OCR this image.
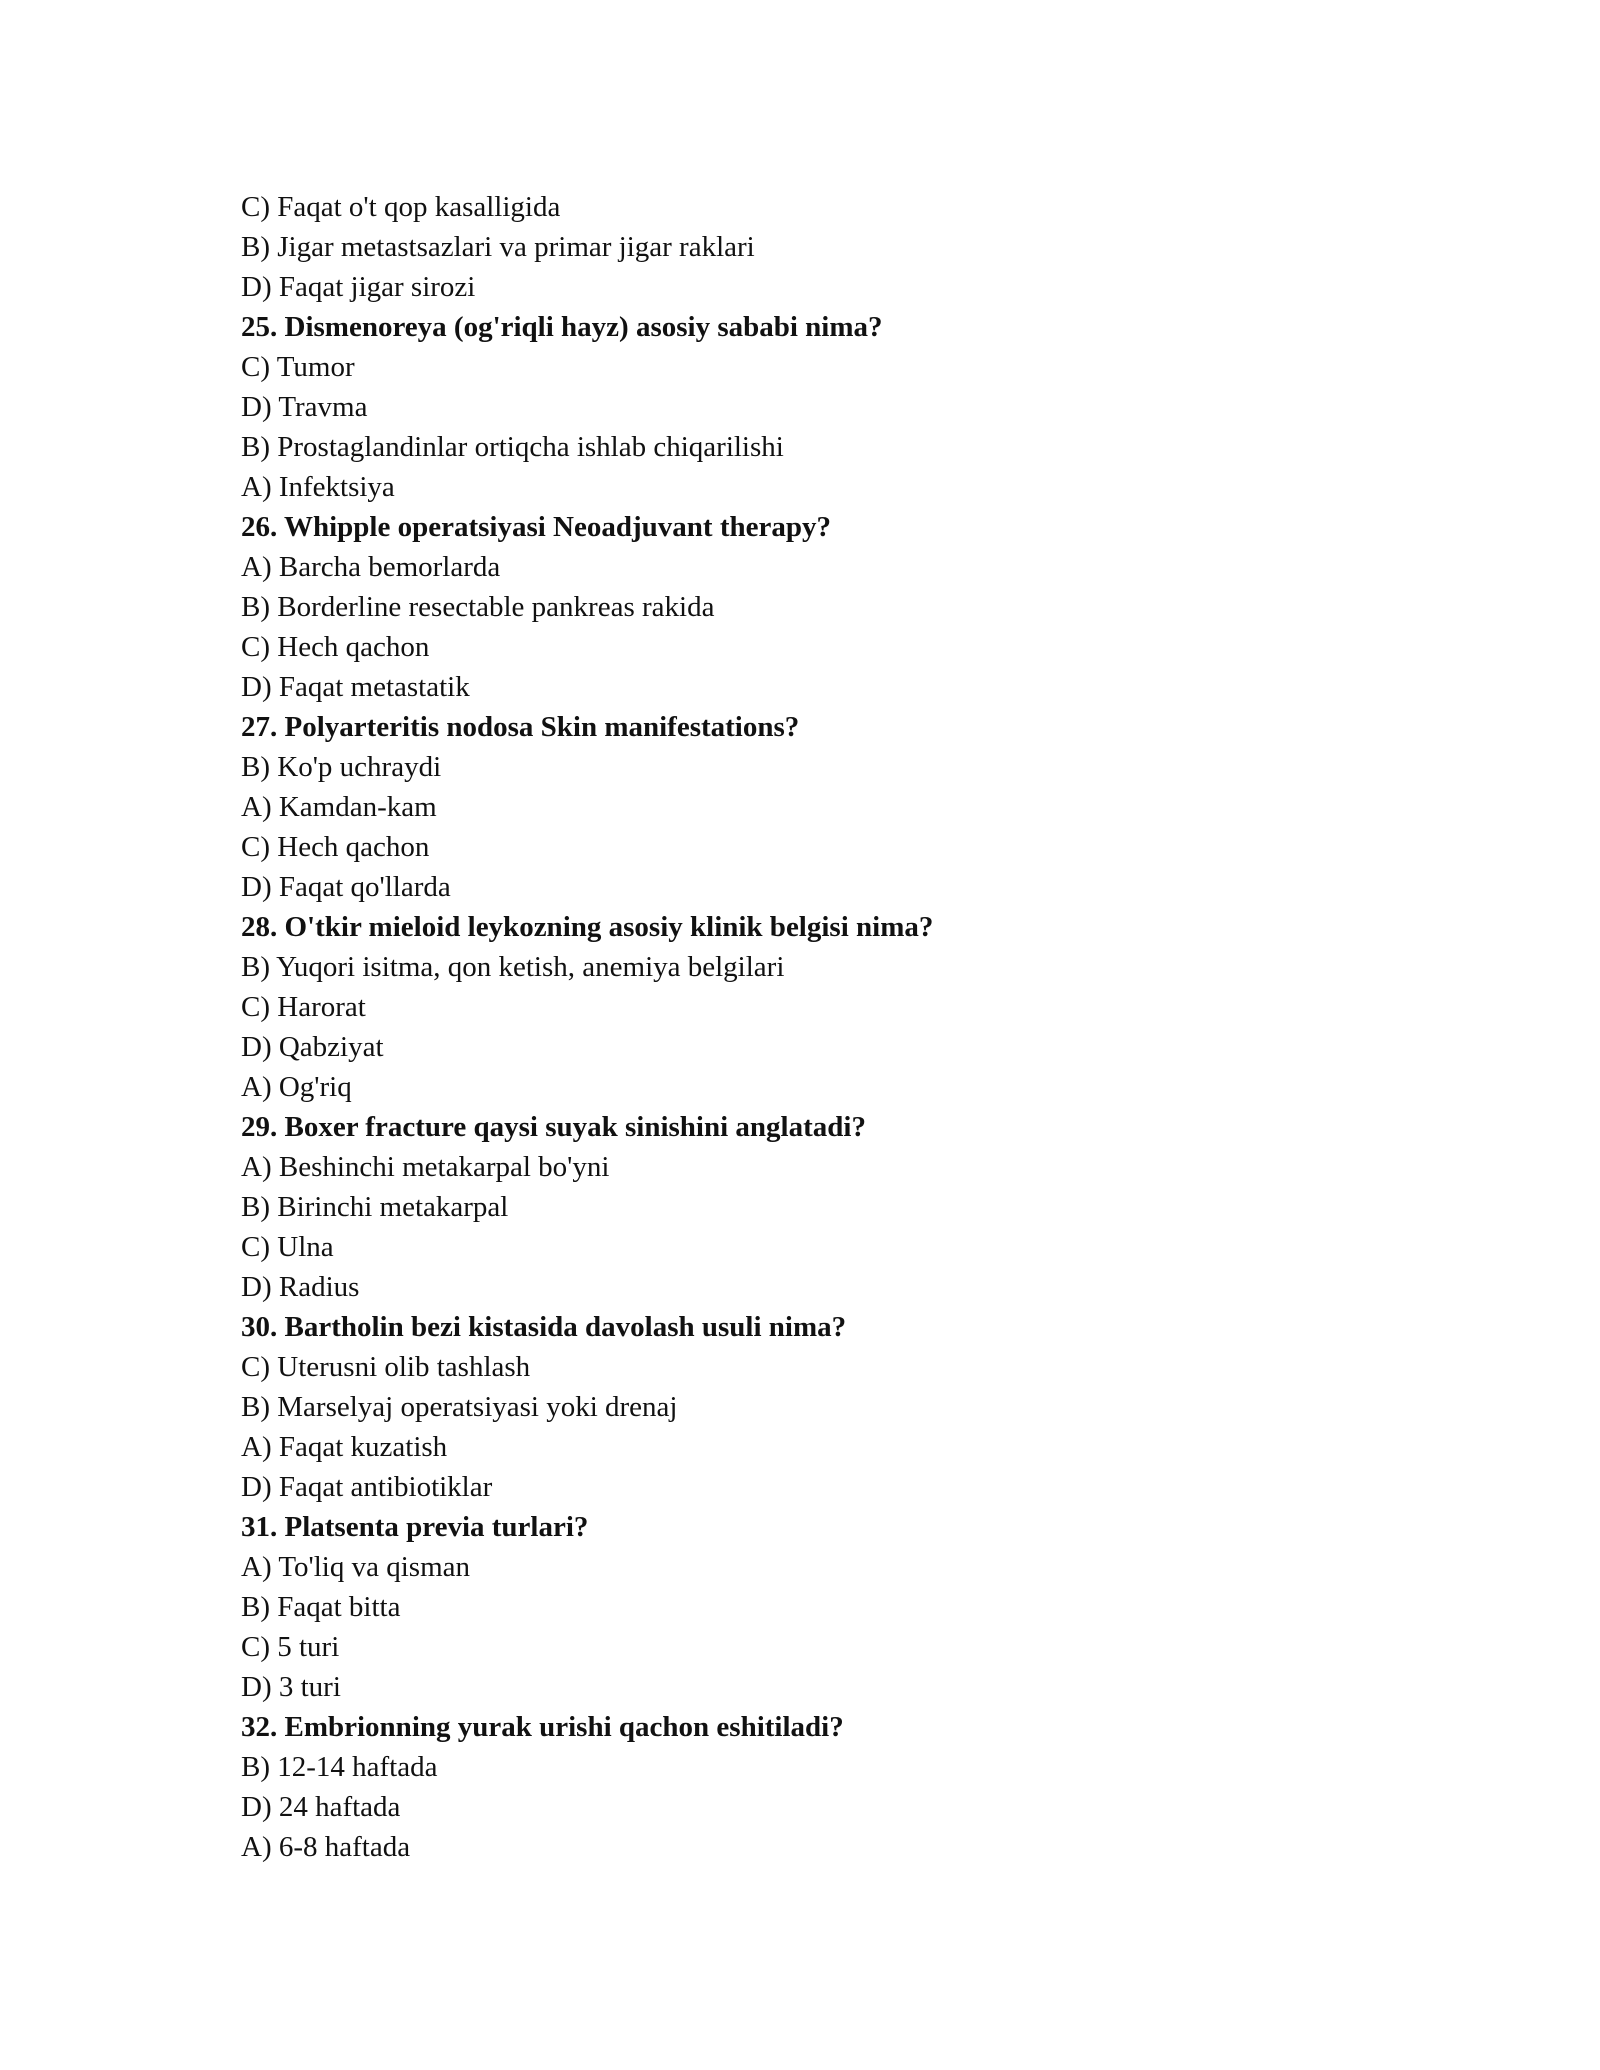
C) Faqat o't qop kasalligida
B) Jigar metastsazlari va primar jigar raklari
D) Faqat jigar sirozi
25. Dismenoreya (og'riqli hayz) asosiy sababi nima?
C) Tumor
D) Travma
B) Prostaglandinlar ortiqcha ishlab chiqarilishi
A) Infektsiya
26. Whipple operatsiyasi Neoadjuvant therapy?
A) Barcha bemorlarda
B) Borderline resectable pankreas rakida
C) Hech qachon
D) Faqat metastatik
27. Polyarteritis nodosa Skin manifestations?
B) Ko'p uchraydi
A) Kamdan-kam
C) Hech qachon
D) Faqat qo'llarda
28. O'tkir mieloid leykozning asosiy klinik belgisi nima?
B) Yuqori isitma, qon ketish, anemiya belgilari
C) Harorat
D) Qabziyat
A) Og'riq
29. Boxer fracture qaysi suyak sinishini anglatadi?
A) Beshinchi metakarpal bo'yni
B) Birinchi metakarpal
C) Ulna
D) Radius
30. Bartholin bezi kistasida davolash usuli nima?
C) Uterusni olib tashlash
B) Marselyaj operatsiyasi yoki drenaj
A) Faqat kuzatish
D) Faqat antibiotiklar
31. Platsenta previa turlari?
A) To'liq va qisman
B) Faqat bitta
C) 5 turi
D) 3 turi
32. Embrionning yurak urishi qachon eshitiladi?
B) 12-14 haftada
D) 24 haftada
A) 6-8 haftada
